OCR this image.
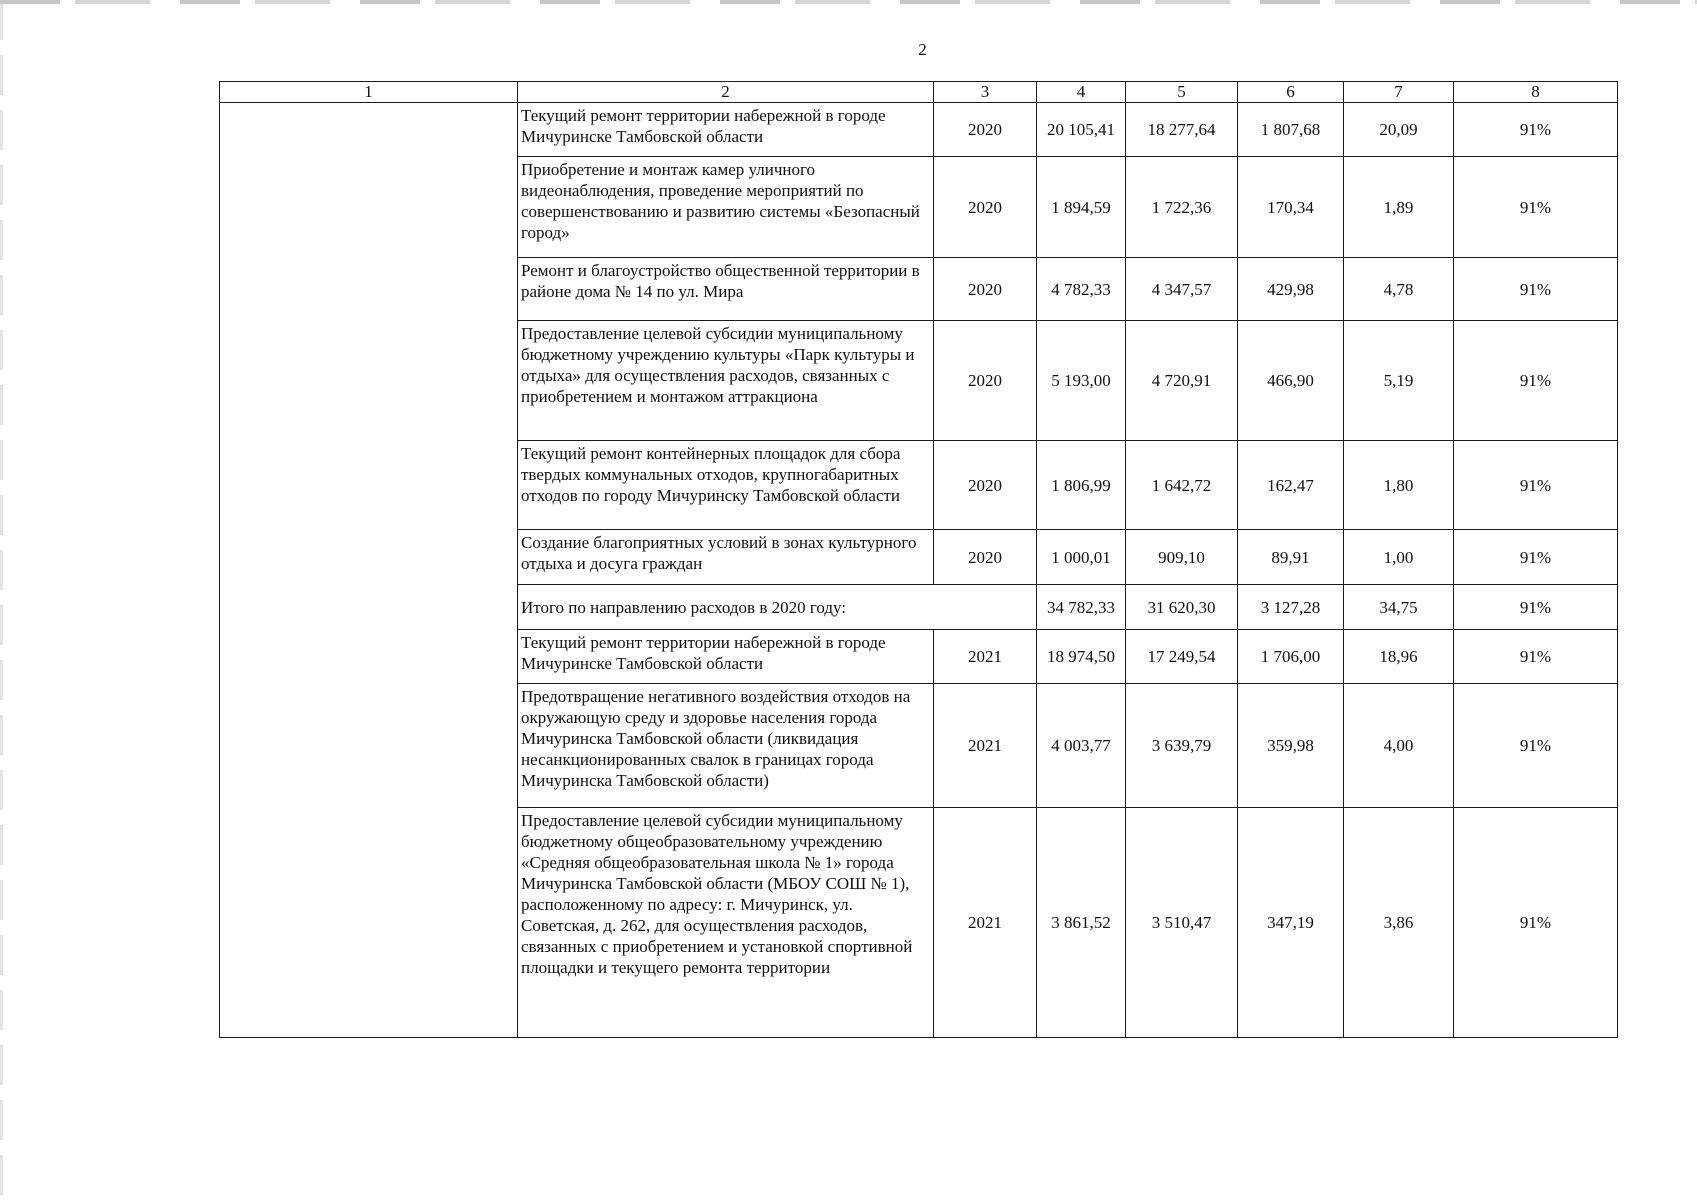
2
1	2	3	4	5	6	7	8
	Текущий ремонт территории набережной в городе Мичуринске Тамбовской области	2020	20 105,41	18 277,64	1 807,68	20,09	91%
	Приобретение и монтаж камер уличного видеонаблюдения, проведение мероприятий по совершенствованию и развитию системы «Безопасный город»	2020	1 894,59	1 722,36	170,34	1,89	91%
	Ремонт и благоустройство общественной территории в районе дома № 14 по ул. Мира	2020	4 782,33	4 347,57	429,98	4,78	91%
	Предоставление целевой субсидии муниципальному бюджетному учреждению культуры «Парк культуры и отдыха» для осуществления расходов, связанных с приобретением и монтажом аттракциона	2020	5 193,00	4 720,91	466,90	5,19	91%
	Текущий ремонт контейнерных площадок для сбора твердых коммунальных отходов, крупногабаритных отходов по городу Мичуринску Тамбовской области	2020	1 806,99	1 642,72	162,47	1,80	91%
	Создание благоприятных условий в зонах культурного отдыха и досуга граждан	2020	1 000,01	909,10	89,91	1,00	91%
	Итого по направлению расходов в 2020 году:		34 782,33	31 620,30	3 127,28	34,75	91%
	Текущий ремонт территории набережной в городе Мичуринске Тамбовской области	2021	18 974,50	17 249,54	1 706,00	18,96	91%
	Предотвращение негативного воздействия отходов на окружающую среду и здоровье населения города Мичуринска Тамбовской области (ликвидация несанкционированных свалок в границах города Мичуринска Тамбовской области)	2021	4 003,77	3 639,79	359,98	4,00	91%
	Предоставление целевой субсидии муниципальному бюджетному общеобразовательному учреждению «Средняя общеобразовательная школа № 1» города Мичуринска Тамбовской области (МБОУ СОШ № 1), расположенному по адресу: г. Мичуринск, ул. Советская, д. 262, для осуществления расходов, связанных с приобретением и установкой спортивной площадки и текущего ремонта территории	2021	3 861,52	3 510,47	347,19	3,86	91%
